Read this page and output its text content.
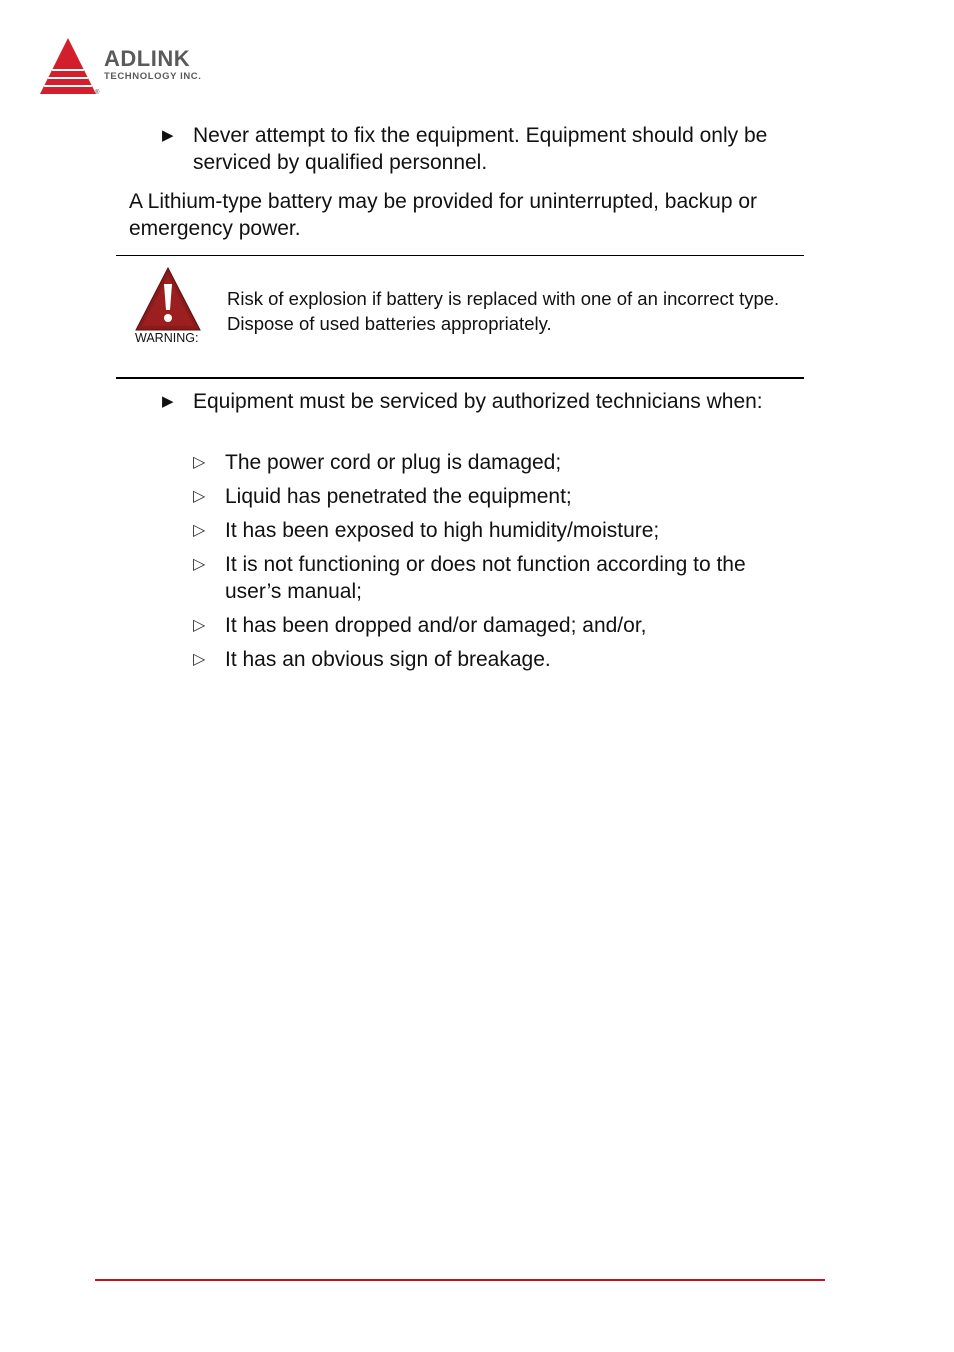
®
ADLINK
TECHNOLOGY INC.
▶ Never attempt to fix the equipment. Equipment should only be serviced by qualified personnel.
A Lithium-type battery may be provided for uninterrupted, backup or emergency power.
WARNING:
Risk of explosion if battery is replaced with one of an incorrect type. Dispose of used batteries appropriately.
▶ Equipment must be serviced by authorized technicians when:
▷ The power cord or plug is damaged;
▷ Liquid has penetrated the equipment;
▷ It has been exposed to high humidity/moisture;
▷ It is not functioning or does not function according to the user’s manual;
▷ It has been dropped and/or damaged; and/or,
▷ It has an obvious sign of breakage.
